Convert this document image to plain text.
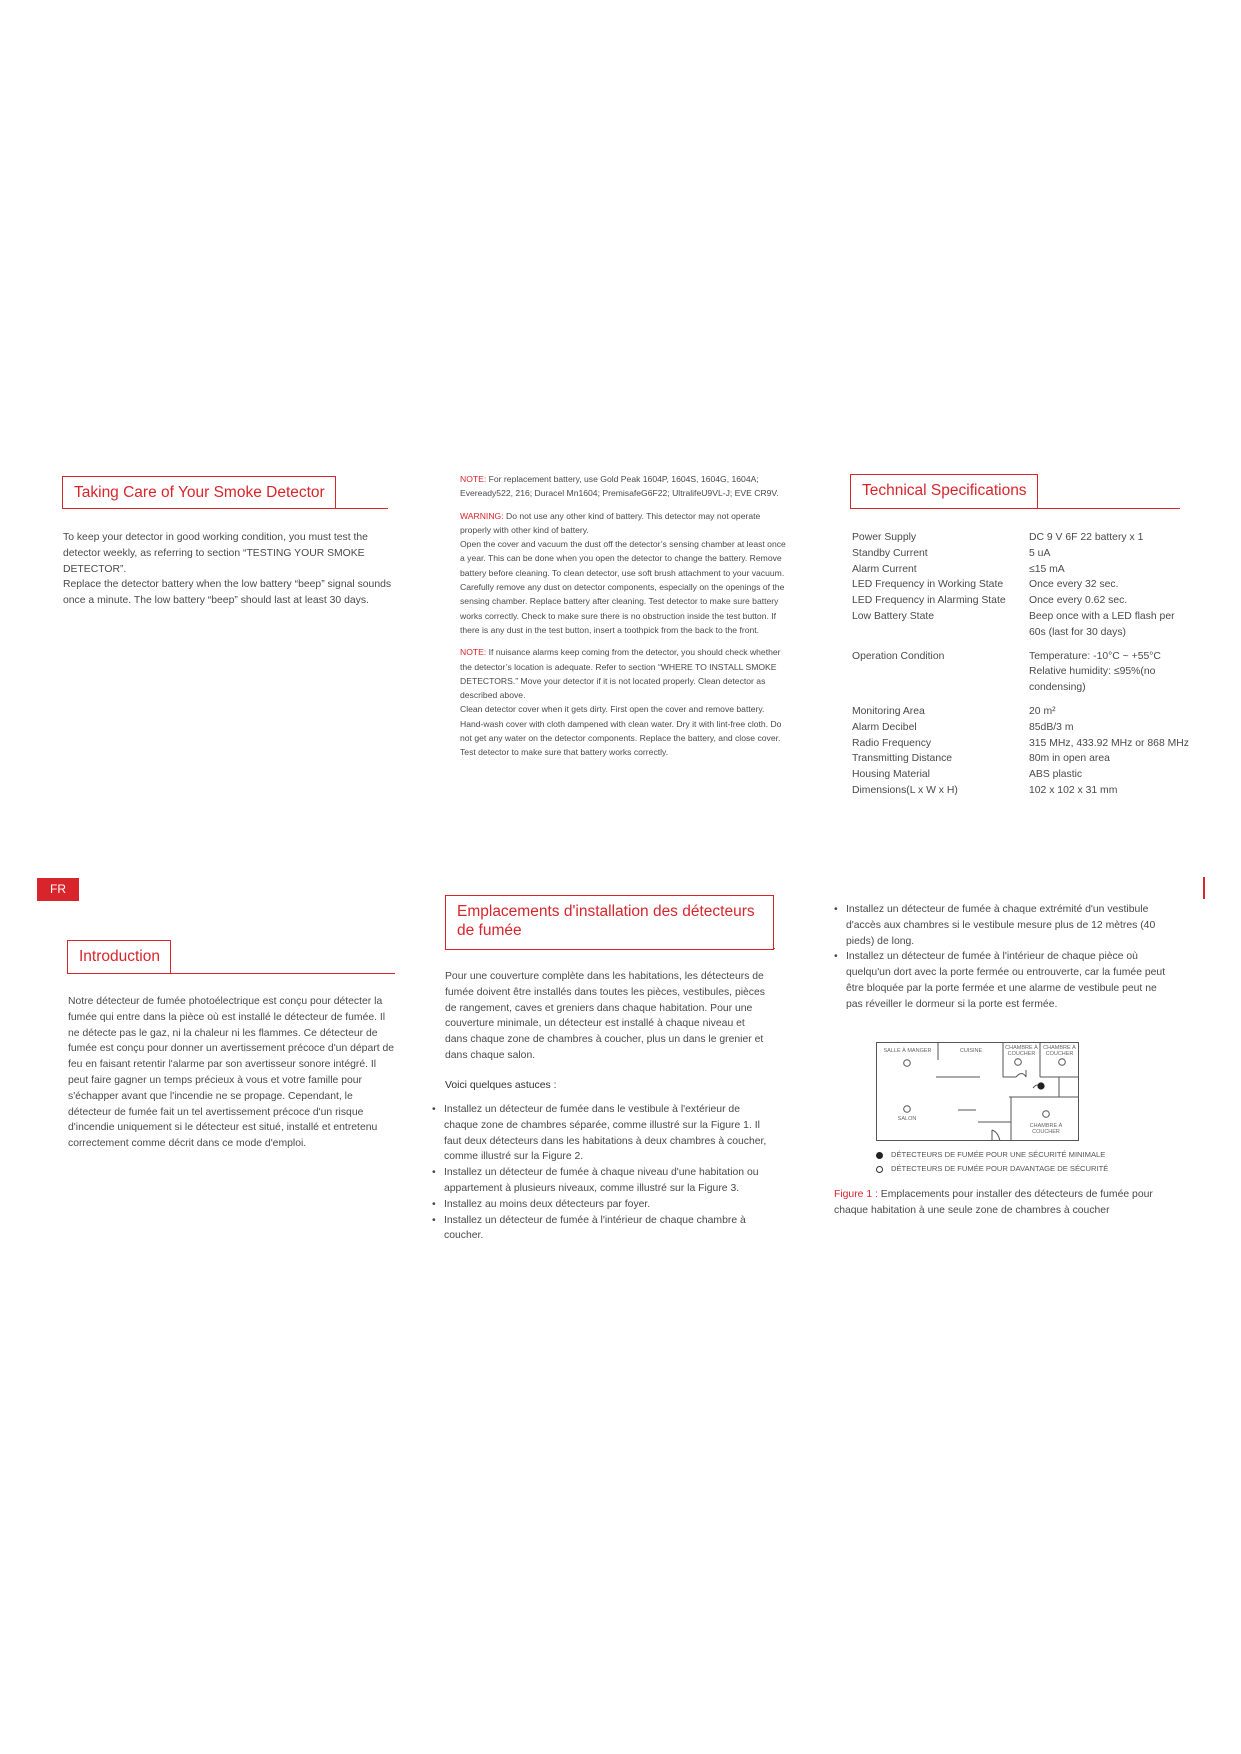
Taking Care of Your Smoke Detector

To keep your detector in good working condition, you must test the detector weekly, as referring to section “TESTING YOUR SMOKE DETECTOR”.

Replace the detector battery when the low battery “beep” signal sounds once a minute. The low battery “beep” should last at least 30 days.

NOTE: For replacement battery, use Gold Peak 1604P, 1604S, 1604G, 1604A; Eveready522, 216; Duracel Mn1604; PremisafeG6F22; UltralifeU9VL-J; EVE CR9V.

WARNING: Do not use any other kind of battery. This detector may not operate properly with other kind of battery.

Open the cover and vacuum the dust off the detector’s sensing chamber at least once a year. This can be done when you open the detector to change the battery. Remove battery before cleaning. To clean detector, use soft brush attachment to your vacuum. Carefully remove any dust on detector components, especially on the openings of the sensing chamber. Replace battery after cleaning. Test detector to make sure battery works correctly. Check to make sure there is no obstruction inside the test button. If there is any dust in the test button, insert a toothpick from the back to the front.

NOTE: If nuisance alarms keep coming from the detector, you should check whether the detector’s location is adequate. Refer to section “WHERE TO INSTALL SMOKE DETECTORS.” Move your detector if it is not located properly. Clean detector as described above.

Clean detector cover when it gets dirty. First open the cover and remove battery. Hand-wash cover with cloth dampened with clean water. Dry it with lint-free cloth. Do not get any water on the detector components. Replace the battery, and close cover. Test detector to make sure that battery works correctly.

Technical Specifications
Power Supply	DC 9 V 6F 22 battery x 1
Standby Current	5 uA
Alarm Current	≤15 mA
LED Frequency in Working State	Once every 32 sec.
LED Frequency in Alarming State	Once every 0.62 sec.
Low Battery State	Beep once with a LED flash per 60s (last for 30 days)
Operation Condition	Temperature: -10°C ~ +55°C Relative humidity: ≤95%(no condensing)
Monitoring Area	20 m²
Alarm Decibel	85dB/3 m
Radio Frequency	315 MHz, 433.92 MHz or 868 MHz
Transmitting Distance	80m in open area
Housing Material	ABS plastic
Dimensions(L x W x H)	102 x 102 x 31 mm
FR
Introduction
Notre détecteur de fumée photoélectrique est conçu pour détecter la fumée qui entre dans la pièce où est installé le détecteur de fumée. Il ne détecte pas le gaz, ni la chaleur ni les flammes. Ce détecteur de fumée est conçu pour donner un avertissement précoce d'un départ de feu en faisant retentir l'alarme par son avertisseur sonore intégré. Il peut faire gagner un temps précieux à vous et votre famille pour s'échapper avant que l'incendie ne se propage. Cependant, le détecteur de fumée fait un tel avertissement précoce d'un risque d'incendie uniquement si le détecteur est situé, installé et entretenu correctement comme décrit dans ce mode d'emploi.
Emplacements d'installation des détecteurs de fumée
Pour une couverture complète dans les habitations, les détecteurs de fumée doivent être installés dans toutes les pièces, vestibules, pièces de rangement, caves et greniers dans chaque habitation. Pour une couverture minimale, un détecteur est installé à chaque niveau et dans chaque zone de chambres à coucher, plus un dans le grenier et dans chaque salon.
Voici quelques astuces :
• Installez un détecteur de fumée dans le vestibule à l'extérieur de chaque zone de chambres séparée, comme illustré sur la Figure 1. Il faut deux détecteurs dans les habitations à deux chambres à coucher, comme illustré sur la Figure 2.
• Installez un détecteur de fumée à chaque niveau d'une habitation ou appartement à plusieurs niveaux, comme illustré sur la Figure 3.
• Installez au moins deux détecteurs par foyer.
• Installez un détecteur de fumée à l'intérieur de chaque chambre à coucher.
• Installez un détecteur de fumée à chaque extrémité d'un vestibule d'accès aux chambres si le vestibule mesure plus de 12 mètres (40 pieds) de long.
• Installez un détecteur de fumée à l'intérieur de chaque pièce où quelqu'un dort avec la porte fermée ou entrouverte, car la fumée peut être bloquée par la porte fermée et une alarme de vestibule peut ne pas réveiller le dormeur si la porte est fermée.
SALLE À MANGER	CUISINE	CHAMBRE À COUCHER
CHAMBRE À COUCHER
SALON
CHAMBRE À COUCHER
DÉTECTEURS DE FUMÉE POUR UNE SÉCURITÉ MINIMALE
DÉTECTEURS DE FUMÉE POUR DAVANTAGE DE SÉCURITÉ
Figure 1 : Emplacements pour installer des détecteurs de fumée pour chaque habitation à une seule zone de chambres à coucher
